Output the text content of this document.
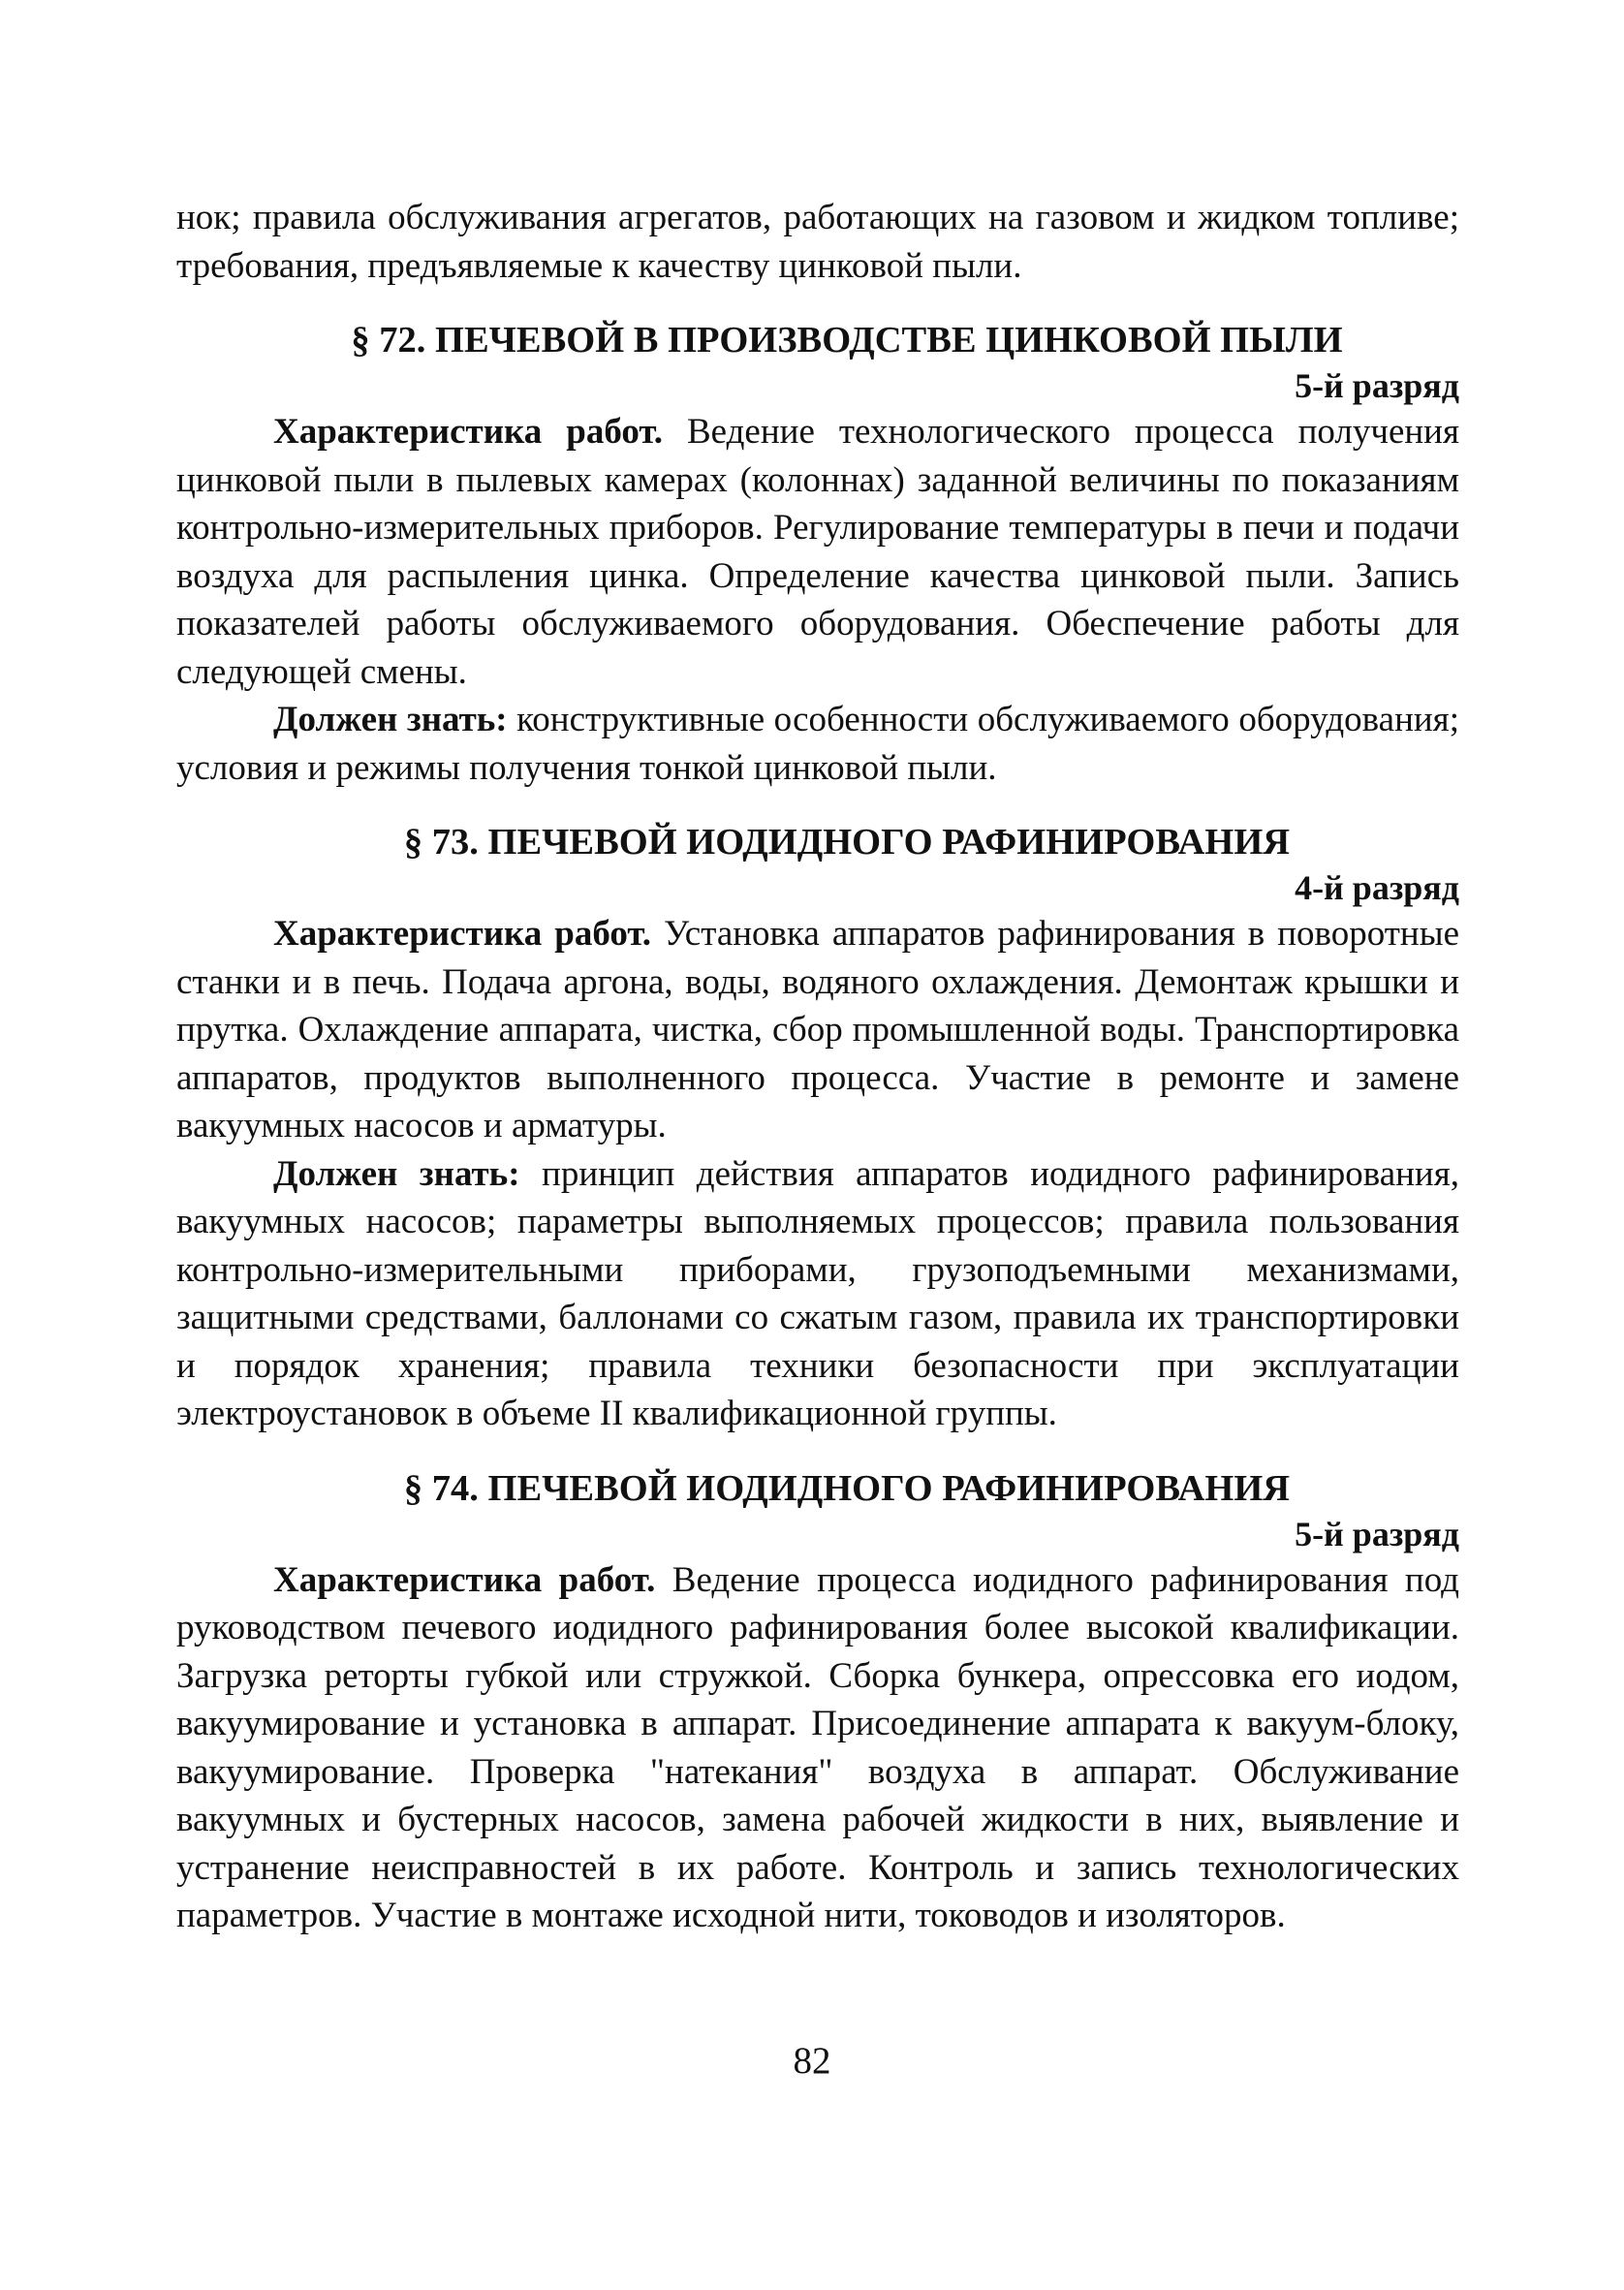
нок; правила обслуживания агрегатов, работающих на газовом и жидком топливе; требования, предъявляемые к качеству цинковой пыли.

§ 72. ПЕЧЕВОЙ В ПРОИЗВОДСТВЕ ЦИНКОВОЙ ПЫЛИ
5-й разряд

Характеристика работ. Ведение технологического процесса получения цинковой пыли в пылевых камерах (колоннах) заданной величины по показаниям контрольно-измерительных приборов. Регулирование температуры в печи и подачи воздуха для распыления цинка. Определение качества цинковой пыли. Запись показателей работы обслуживаемого оборудования. Обеспечение работы для следующей смены.

Должен знать: конструктивные особенности обслуживаемого оборудования; условия и режимы получения тонкой цинковой пыли.

§ 73. ПЕЧЕВОЙ ИОДИДНОГО РАФИНИРОВАНИЯ
4-й разряд

Характеристика работ. Установка аппаратов рафинирования в поворотные станки и в печь. Подача аргона, воды, водяного охлаждения. Демонтаж крышки и прутка. Охлаждение аппарата, чистка, сбор промышленной воды. Транспортировка аппаратов, продуктов выполненного процесса. Участие в ремонте и замене вакуумных насосов и арматуры.

Должен знать: принцип действия аппаратов иодидного рафинирования, вакуумных насосов; параметры выполняемых процессов; правила пользования контрольно-измерительными приборами, грузоподъемными механизмами, защитными средствами, баллонами со сжатым газом, правила их транспортировки и порядок хранения; правила техники безопасности при эксплуатации электроустановок в объеме II квалификационной группы.

§ 74. ПЕЧЕВОЙ ИОДИДНОГО РАФИНИРОВАНИЯ
5-й разряд

Характеристика работ. Ведение процесса иодидного рафинирования под руководством печевого иодидного рафинирования более высокой квалификации. Загрузка реторты губкой или стружкой. Сборка бункера, опрессовка его иодом, вакуумирование и установка в аппарат. Присоединение аппарата к вакуум-блоку, вакуумирование. Проверка "натекания" воздуха в аппарат. Обслуживание вакуумных и бустерных насосов, замена рабочей жидкости в них, выявление и устранение неисправностей в их работе. Контроль и запись технологических параметров. Участие в монтаже исходной нити, тоководов и изоляторов.

82
